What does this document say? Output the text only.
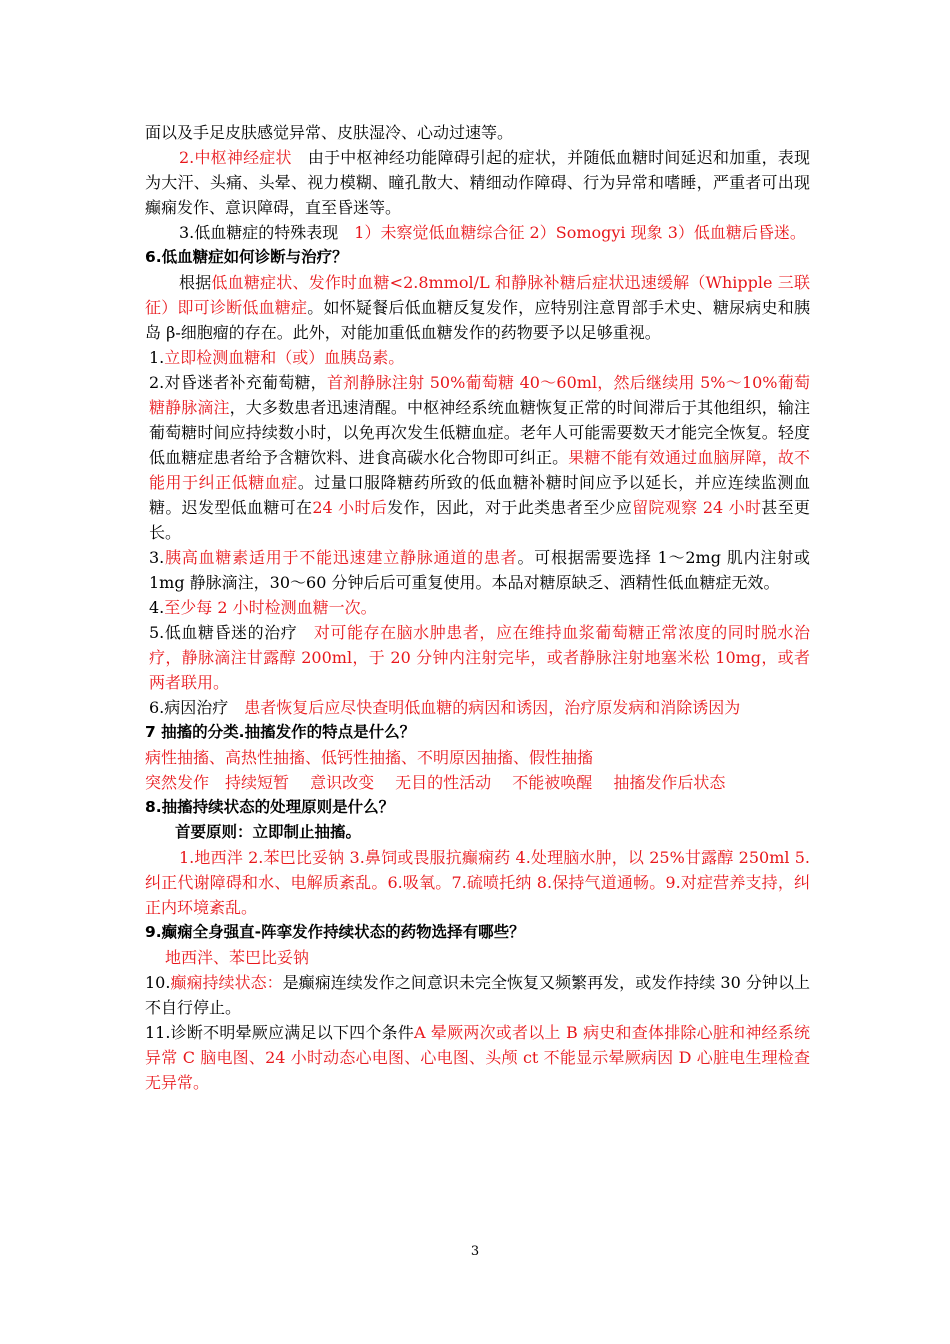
面以及手足皮肤感觉异常、皮肤湿冷、心动过速等。

2.中枢神经症状　由于中枢神经功能障碍引起的症状，并随低血糖时间延迟和加重，表现为大汗、头痛、头晕、视力模糊、瞳孔散大、精细动作障碍、行为异常和嗜睡，严重者可出现癫痫发作、意识障碍，直至昏迷等。

3.低血糖症的特殊表现　1）未察觉低血糖综合征 2）Somogyi 现象 3）低血糖后昏迷。

6.低血糖症如何诊断与治疗？

根据低血糖症状、发作时血糖<2.8mmol/L 和静脉补糖后症状迅速缓解（Whipple 三联征）即可诊断低血糖症。如怀疑餐后低血糖反复发作，应特别注意胃部手术史、糖尿病史和胰岛 β-细胞瘤的存在。此外，对能加重低血糖发作的药物要予以足够重视。

1.立即检测血糖和（或）血胰岛素。

2.对昏迷者补充葡萄糖，首剂静脉注射 50%葡萄糖 40～60ml，然后继续用 5%～10%葡萄糖静脉滴注，大多数患者迅速清醒。中枢神经系统血糖恢复正常的时间滞后于其他组织，输注葡萄糖时间应持续数小时，以免再次发生低糖血症。老年人可能需要数天才能完全恢复。轻度低血糖症患者给予含糖饮料、进食高碳水化合物即可纠正。果糖不能有效通过血脑屏障，故不能用于纠正低糖血症。过量口服降糖药所致的低血糖补糖时间应予以延长，并应连续监测血糖。迟发型低血糖可在24 小时后发作，因此，对于此类患者至少应留院观察 24 小时甚至更长。

3.胰高血糖素适用于不能迅速建立静脉通道的患者。可根据需要选择 1～2mg 肌内注射或 1mg 静脉滴注，30～60 分钟后后可重复使用。本品对糖原缺乏、酒精性低血糖症无效。

4.至少每 2 小时检测血糖一次。

5.低血糖昏迷的治疗　对可能存在脑水肿患者，应在维持血浆葡萄糖正常浓度的同时脱水治疗，静脉滴注甘露醇 200ml，于 20 分钟内注射完毕，或者静脉注射地塞米松 10mg，或者两者联用。

6.病因治疗　患者恢复后应尽快查明低血糖的病因和诱因，治疗原发病和消除诱因为

7 抽搐的分类.抽搐发作的特点是什么？

病性抽搐、高热性抽搐、低钙性抽搐、不明原因抽搐、假性抽搐

突然发作　持续短暂　 意识改变　 无目的性活动　 不能被唤醒　 抽搐发作后状态

8.抽搐持续状态的处理原则是什么？

首要原则：立即制止抽搐。

1.地西泮 2.苯巴比妥钠 3.鼻饲或畏服抗癫痫药 4.处理脑水肿，以 25%甘露醇 250ml 5.纠正代谢障碍和水、电解质紊乱。6.吸氧。7.硫喷托纳 8.保持气道通畅。9.对症营养支持，纠正内环境紊乱。

9.癫痫全身强直-阵挛发作持续状态的药物选择有哪些？

地西泮、苯巴比妥钠

10.癫痫持续状态：是癫痫连续发作之间意识未完全恢复又频繁再发，或发作持续 30 分钟以上不自行停止。

11.诊断不明晕厥应满足以下四个条件A 晕厥两次或者以上 B 病史和查体排除心脏和神经系统异常 C 脑电图、24 小时动态心电图、心电图、头颅 ct 不能显示晕厥病因 D 心脏电生理检查无异常。

3
